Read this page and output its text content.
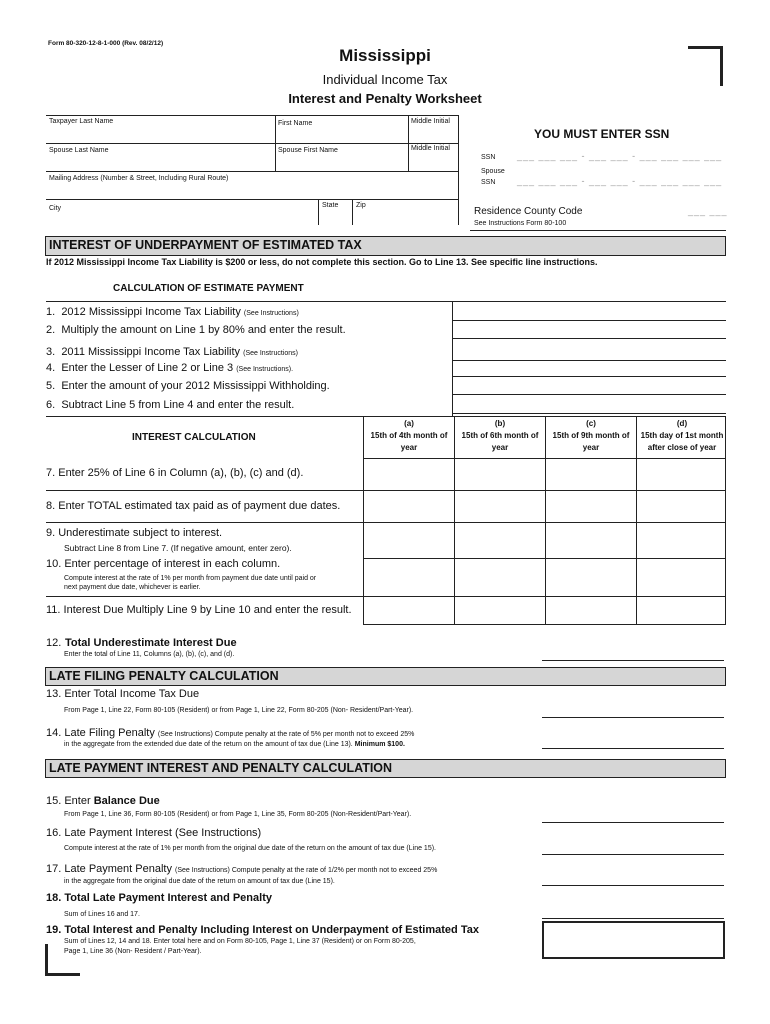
Form 80-320-12-8-1-000 (Rev. 08/2/12)
Mississippi
Individual Income Tax
Interest and Penalty Worksheet
Taxpayer Last Name	First Name	Middle Initial
Spouse Last Name	Spouse First Name	Middle Initial
Mailing Address (Number & Street, Including Rural Route)
City	State	Zip
YOU MUST ENTER SSN
SSN ___ ___ ___ - ___ ___ - ___ ___ ___ ___
Spouse
SSN ___ ___ ___ - ___ ___ - ___ ___ ___ ___
Residence County Code	___ ___
See Instructions Form 80-100
INTEREST OF UNDERPAYMENT OF ESTIMATED TAX
If 2012 Mississippi Income Tax Liability is $200 or less, do not complete this section. Go to Line 13. See specific line instructions.
CALCULATION OF ESTIMATE PAYMENT
1. 2012 Mississippi Income Tax Liability (See Instructions)
2. Multiply the amount on Line 1 by 80% and enter the result.
3. 2011 Mississippi Income Tax Liability (See Instructions)
4. Enter the Lesser of Line 2 or Line 3 (See Instructions).
5. Enter the amount of your 2012 Mississippi Withholding.
6. Subtract Line 5 from Line 4 and enter the result.
INTEREST CALCULATION
(a)
15th of 4th month of
year
(b)
15th of 6th month of
year
(c)
15th of 9th month of
year
(d)
15th day of 1st month
after close of year
7. Enter 25% of Line 6 in Column (a), (b), (c) and (d).
8. Enter TOTAL estimated tax paid as of payment due dates.
9. Underestimate subject to interest.
Subtract Line 8 from Line 7. (If negative amount, enter zero).
10. Enter percentage of interest in each column.
Compute interest at the rate of 1% per month from payment due date until paid or
next payment due date, whichever is earlier.
11. Interest Due Multiply Line 9 by Line 10 and enter the result.
12. Total Underestimate Interest Due
Enter the total of Line 11, Columns (a), (b), (c), and (d).
LATE FILING PENALTY CALCULATION
13. Enter Total Income Tax Due
From Page 1, Line 22, Form 80-105 (Resident) or from Page 1, Line 22, Form 80-205 (Non- Resident/Part-Year).
14. Late Filing Penalty (See Instructions) Compute penalty at the rate of 5% per month not to exceed 25%
in the aggregate from the extended due date of the return on the amount of tax due (Line 13). Minimum $100.
LATE PAYMENT INTEREST AND PENALTY CALCULATION
15. Enter Balance Due
From Page 1, Line 36, Form 80-105 (Resident) or from Page 1, Line 35, Form 80-205 (Non-Resident/Part-Year).
16. Late Payment Interest (See Instructions)
Compute interest at the rate of 1% per month from the original due date of the return on the amount of tax due (Line 15).
17. Late Payment Penalty (See Instructions) Compute penalty at the rate of 1/2% per month not to exceed 25%
in the aggregate from the original due date of the return on amount of tax due (Line 15).
18. Total Late Payment Interest and Penalty
Sum of Lines 16 and 17.
19. Total Interest and Penalty Including Interest on Underpayment of Estimated Tax
Sum of Lines 12, 14 and 18. Enter total here and on Form 80-105, Page 1, Line 37 (Resident) or on Form 80-205,
Page 1, Line 36 (Non- Resident / Part-Year).
